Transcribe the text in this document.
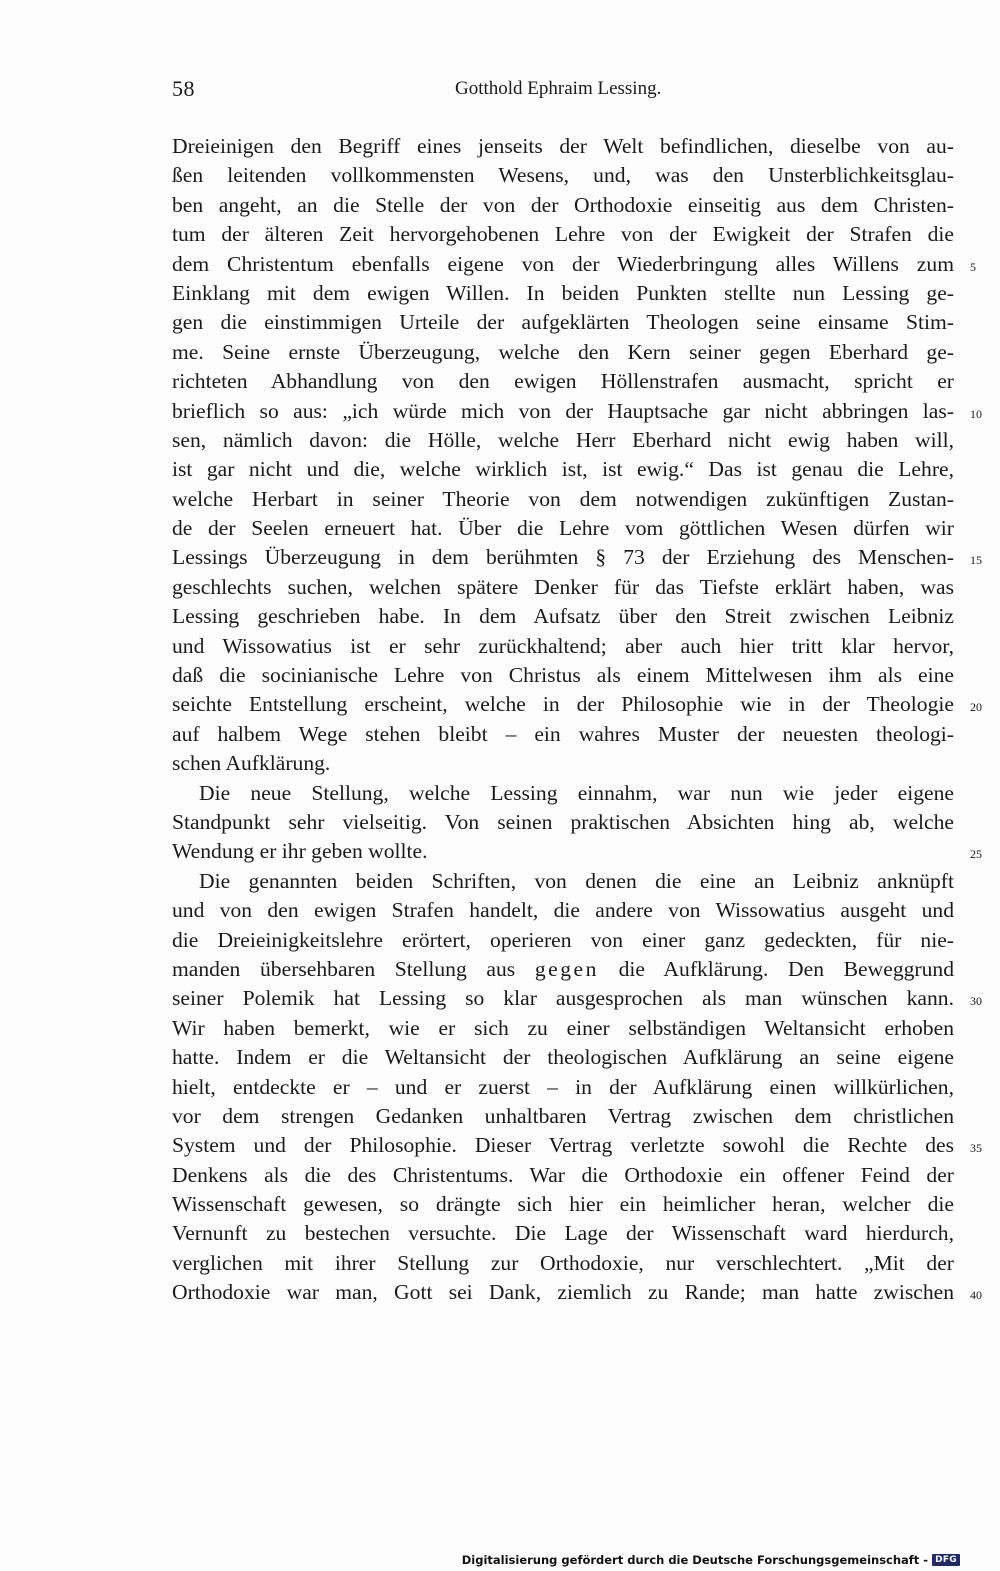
58	Gotthold Ephraim Lessing.
Dreieinigen den Begriff eines jenseits der Welt befindlichen, dieselbe von au-
ßen leitenden vollkommensten Wesens, und, was den Unsterblichkeitsglau-
ben angeht, an die Stelle der von der Orthodoxie einseitig aus dem Christen-
tum der älteren Zeit hervorgehobenen Lehre von der Ewigkeit der Strafen die
dem Christentum ebenfalls eigene von der Wiederbringung alles Willens zum 5
Einklang mit dem ewigen Willen. In beiden Punkten stellte nun Lessing ge-
gen die einstimmigen Urteile der aufgeklärten Theologen seine einsame Stim-
me. Seine ernste Überzeugung, welche den Kern seiner gegen Eberhard ge-
richteten Abhandlung von den ewigen Höllenstrafen ausmacht, spricht er
brieflich so aus: „ich würde mich von der Hauptsache gar nicht abbringen las- 10
sen, nämlich davon: die Hölle, welche Herr Eberhard nicht ewig haben will,
ist gar nicht und die, welche wirklich ist, ist ewig.“ Das ist genau die Lehre,
welche Herbart in seiner Theorie von dem notwendigen zukünftigen Zustan-
de der Seelen erneuert hat. Über die Lehre vom göttlichen Wesen dürfen wir
Lessings Überzeugung in dem berühmten § 73 der Erziehung des Menschen- 15
geschlechts suchen, welchen spätere Denker für das Tiefste erklärt haben, was
Lessing geschrieben habe. In dem Aufsatz über den Streit zwischen Leibniz
und Wissowatius ist er sehr zurückhaltend; aber auch hier tritt klar hervor,
daß die socinianische Lehre von Christus als einem Mittelwesen ihm als eine
seichte Entstellung erscheint, welche in der Philosophie wie in der Theologie 20
auf halbem Wege stehen bleibt – ein wahres Muster der neuesten theologi-
schen Aufklärung.
Die neue Stellung, welche Lessing einnahm, war nun wie jeder eigene
Standpunkt sehr vielseitig. Von seinen praktischen Absichten hing ab, welche
Wendung er ihr geben wollte.	25
Die genannten beiden Schriften, von denen die eine an Leibniz anknüpft
und von den ewigen Strafen handelt, die andere von Wissowatius ausgeht und
die Dreieinigkeitslehre erörtert, operieren von einer ganz gedeckten, für nie-
manden übersehbaren Stellung aus gegen die Aufklärung. Den Beweggrund
seiner Polemik hat Lessing so klar ausgesprochen als man wünschen kann. 30
Wir haben bemerkt, wie er sich zu einer selbständigen Weltansicht erhoben
hatte. Indem er die Weltansicht der theologischen Aufklärung an seine eigene
hielt, entdeckte er – und er zuerst – in der Aufklärung einen willkürlichen,
vor dem strengen Gedanken unhaltbaren Vertrag zwischen dem christlichen
System und der Philosophie. Dieser Vertrag verletzte sowohl die Rechte des 35
Denkens als die des Christentums. War die Orthodoxie ein offener Feind der
Wissenschaft gewesen, so drängte sich hier ein heimlicher heran, welcher die
Vernunft zu bestechen versuchte. Die Lage der Wissenschaft ward hierdurch,
verglichen mit ihrer Stellung zur Orthodoxie, nur verschlechtert. „Mit der
Orthodoxie war man, Gott sei Dank, ziemlich zu Rande; man hatte zwischen 40
Digitalisierung gefördert durch die Deutsche Forschungsgemeinschaft - DFG
